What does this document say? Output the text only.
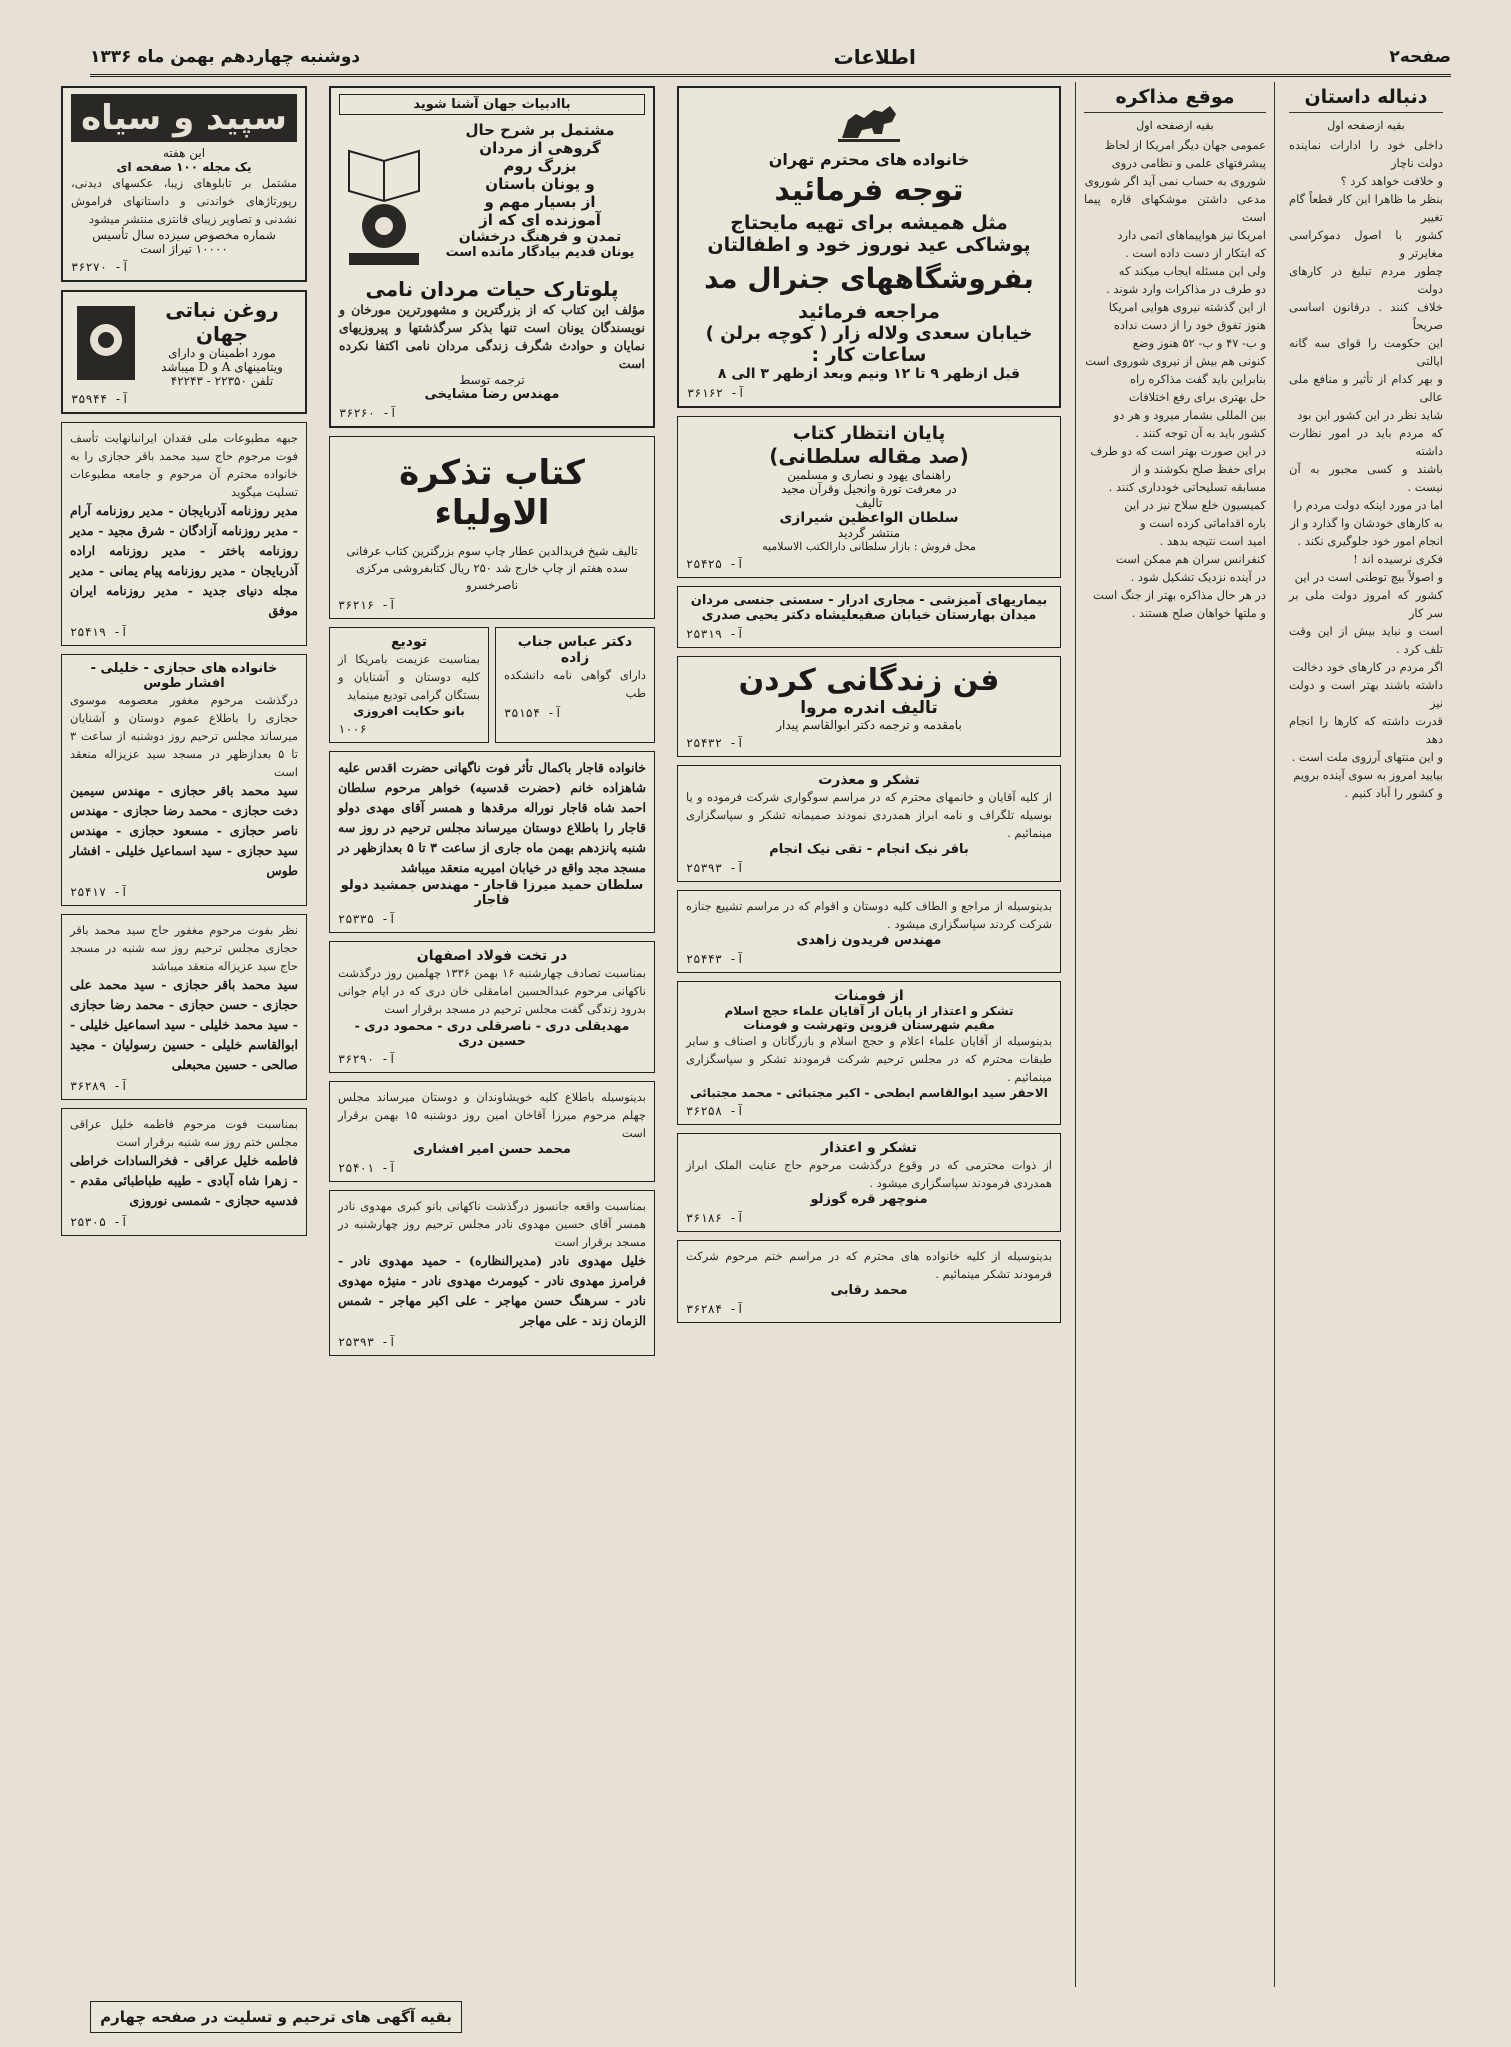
صفحه۲
اطلاعات
دوشنبه چهاردهم بهمن ماه ۱۳۳۶
دنباله داستان
بقیه ازصفحه اول
داخلی خود را ادارات نماینده دولت ناچار
و خلافت خواهد کرد ؟
بنظر ما ظاهرا این کار قطعاً گام تغییر
کشور با اصول دموکراسی مغایرتر و
چطور مردم تبلیغ در کارهای دولت
خلاف کنند . درقانون اساسی صریحاً
این حکومت را قوای سه گانه ایالتی
و بهر کدام از تأثیر و منافع ملی عالی
شاید نظر در این کشور این بود
که مردم باید در امور نظارت داشته
باشند و کسی مجبور به آن نیست .
اما در مورد اینکه دولت مردم را
به کارهای خودشان وا گذارد و از
انجام امور خود جلوگیری نکند .
فکری نرسیده اند !
و اصولاً بیچ توطنی است در این
کشور که امروز دولت ملی بر سر کار
است و نباید بیش از این وقت تلف کرد .
اگر مردم در کارهای خود دخالت
داشته باشند بهتر است و دولت نیز
قدرت داشته که کارها را انجام دهد
و این منتهای آرزوی ملت است .
بیایید امروز به سوی آینده برویم
و کشور را آباد کنیم .
موقع مذاکره
بقیه ازصفحه اول
عمومی جهان دیگر امریکا از لحاظ
پیشرفتهای علمی و نظامی دروی
شوروی به حساب نمی آید اگر شوروی
مدعی داشتن موشکهای قاره پیما است
امریکا نیز هواپیماهای اتمی دارد
که ابتکار از دست داده است .
ولی این مسئله ایجاب میکند که
دو طرف در مذاکرات وارد شوند .
از این گذشته نیروی هوایی امریکا
هنوز تفوق خود را از دست نداده
و ب- ۴۷ و ب- ۵۲ هنوز وضع
کنونی هم بیش از نیروی شوروی است
بنابراین باید گفت مذاکره راه
حل بهتری برای رفع اختلافات
بین المللی بشمار میرود و هر دو
کشور باید به آن توجه کنند .
در این صورت بهتر است که دو طرف
برای حفظ صلح بکوشند و از
مسابقه تسلیحاتی خودداری کنند .
کمیسیون خلع سلاح نیز در این
باره اقداماتی کرده است و
امید است نتیجه بدهد .
کنفرانس سران هم ممکن است
در آینده نزدیک تشکیل شود .
در هر حال مذاکره بهتر از جنگ است
و ملتها خواهان صلح هستند .
خانواده های محترم تهران
توجه فرمائید
مثل همیشه برای تهیه مایحتاج
پوشاکی عید نوروز خود و اطفالتان
بفروشگاههای جنرال مد
مراجعه فرمائید
خیابان سعدی ولاله زار ( کوچه برلن )
ساعات کار :
قبل ازظهر ۹ تا ۱۲ ونیم وبعد ازظهر ۳ الی ۸
آ- ۳۶۱۶۲
پایان انتظار کتاب
(صد مقاله سلطانی)
راهنمای یهود و نصاری و مسلمین
در معرفت تورة وانجیل وقرآن مجید
تالیف
سلطان الواعظین شیرازی
منتشر گردید
محل فروش : بازار سلطانی دارالکتب الاسلامیه
آ- ۲۵۴۲۵
بیماریهای آمیزشی - مجاری ادرار - سستی جنسی مردان
میدان بهارستان خیابان صفیعلیشاه دکتر یحیی صدری
آ- ۲۵۳۱۹
فن زندگانی کردن
تالیف اندره مروا
بامقدمه و ترجمه دکتر ابوالقاسم پیدار
آ- ۲۵۴۳۲
تشکر و معذرت
از کلیه آقایان و خانمهای محترم که در مراسم سوگواری شرکت فرموده و یا بوسیله تلگراف و نامه ابراز همدردی نمودند صمیمانه تشکر و سپاسگزاری مینمائیم .
باقر نیک انجام - تقی نیک انجام
آ- ۲۵۳۹۳
بدینوسیله از مراجع و الطاف کلیه دوستان و اقوام که در مراسم تشییع جنازه شرکت کردند سپاسگزاری میشود .
مهندس فریدون زاهدی
آ- ۲۵۴۴۳
از فومنات
تشکر و اعتذار از پایان از آقایان علماء حجج اسلام
مقیم شهرستان قزوین وتهرشت و فومنات
بدینوسیله از آقایان علماء اعلام و حجج اسلام و بازرگانان و اصناف و سایر طبقات محترم که در مجلس ترحیم شرکت فرمودند تشکر و سپاسگزاری مینمائیم .
الاحقر سید ابوالقاسم ابطحی - اکبر مجتبائی - محمد مجتبائی
آ- ۳۶۲۵۸
تشکر و اعتذار
از ذوات محترمی که در وقوع درگذشت مرحوم حاج عنایت الملک ابراز همدردی فرمودند سپاسگزاری میشود .
منوچهر قره گوزلو
آ- ۳۶۱۸۶
بدینوسیله از کلیه خانواده های محترم که در مراسم ختم مرحوم شرکت فرمودند تشکر مینمائیم .
محمد رقابی
آ- ۳۶۲۸۴
باادبیات جهان آشنا شوید
مشتمل بر شرح حال
گروهی از مردان
بزرگ روم
و یونان باستان
از بسیار مهم و
آموزنده ای که از
تمدن و فرهنگ درخشان
یونان قدیم بیادگار مانده است
پلوتارک حیات مردان نامی
مؤلف این کتاب که از بزرگترین و مشهورترین مورخان و نویسندگان یونان است تنها بذکر سرگذشتها و پیروزیهای نمایان و حوادث شگرف زندگی مردان نامی اکتفا نکرده است
ترجمه توسط
مهندس رضا مشایخی
آ- ۳۶۲۶۰
کتاب تذکرة الاولیاء
تالیف شیخ فریدالدین عطار چاپ سوم بزرگترین کتاب عرفانی سده هفتم از چاپ خارج شد ۲۵۰ ریال کتابفروشی مرکزی ناصرخسرو
آ- ۳۶۲۱۶
دکتر عباس جناب زاده
دارای گواهی نامه دانشکده طب
آ- ۳۵۱۵۴
تودیع
بمناسبت عزیمت بامریکا از کلیه دوستان و آشنایان و بستگان گرامی تودیع مینماید
بانو حکایت افروزی
۱۰۰۶
خانواده قاجار باکمال تأثر فوت ناگهانی حضرت اقدس علیه شاهزاده خانم (حضرت قدسیه) خواهر مرحوم سلطان احمد شاه قاجار نوراله مرقدها و همسر آقای مهدی دولو قاجار را باطلاع دوستان میرساند مجلس ترحیم در روز سه شنبه پانزدهم بهمن ماه جاری از ساعت ۳ تا ۵ بعدازظهر در مسجد مجد واقع در خیابان امیریه منعقد میباشد
سلطان حمید میرزا قاجار - مهندس جمشید دولو قاجار
آ- ۲۵۳۳۵
در تخت فولاد اصفهان
بمناسبت تصادف چهارشنبه ۱۶ بهمن ۱۳۳۶ چهلمین روز درگذشت ناکهانی مرحوم عبدالحسین امامقلی خان دری که در ایام جوانی بدرود زندگی گفت مجلس ترحیم در مسجد برقرار است
مهدیقلی دری - ناصرقلی دری - محمود دری - حسین دری
آ- ۳۶۲۹۰
بدینوسیله باطلاع کلیه خویشاوندان و دوستان میرساند مجلس چهلم مرحوم میرزا آقاخان امین روز دوشنبه ۱۵ بهمن برقرار است
محمد حسن امیر افشاری
آ- ۲۵۴۰۱
بمناسبت واقعه جانسوز درگذشت ناکهانی بانو کبری مهدوی نادر همسر آقای حسین مهدوی نادر مجلس ترحیم روز چهارشنبه در مسجد برقرار است
خلیل مهدوی نادر (مدیرالنظاره) - حمید مهدوی نادر - فرامرز مهدوی نادر - کیومرث مهدوی نادر - منیژه مهدوی نادر - سرهنگ حسن مهاجر - علی اکبر مهاجر - شمس الزمان زند - علی مهاجر
آ- ۲۵۳۹۳
سپید و سیاه
این هفته
یک مجله ۱۰۰ صفحه ای
مشتمل بر تابلوهای زیبا، عکسهای دیدنی، رپورتاژهای خواندنی و داستانهای فراموش نشدنی و تصاویر زیبای فانتزی منتشر میشود
شماره مخصوص سیزده سال تأسیس
۱۰۰۰۰ تیراژ است
آ- ۳۶۲۷۰
روغن نباتی جهان
مورد اطمینان و دارای
ویتامینهای A و D میباشد
تلفن ۲۲۳۵۰ - ۴۲۲۴۳
آ- ۳۵۹۴۴
جبهه مطبوعات ملی فقدان ایرانبانهایت تأسف فوت مرحوم حاج سید محمد باقر حجازی را به خانواده محترم آن مرحوم و جامعه مطبوعات تسلیت میگوید
مدیر روزنامه آذربایجان - مدیر روزنامه آرام - مدیر روزنامه آزادگان - شرق مجید - مدیر روزنامه باختر - مدیر روزنامه اراده آذربایجان - مدیر روزنامه پیام یمانی - مدیر مجله دنیای جدید - مدیر روزنامه ایران موفق
آ- ۲۵۴۱۹
خانواده های حجازی - خلیلی - افشار طوس
درگذشت مرحوم مغفور معصومه موسوی حجازی را باطلاع عموم دوستان و آشنایان میرساند مجلس ترحیم روز دوشنبه از ساعت ۳ تا ۵ بعدازظهر در مسجد سید عزیزاله منعقد است
سید محمد باقر حجازی - مهندس سیمین دخت حجازی - محمد رضا حجازی - مهندس ناصر حجازی - مسعود حجازی - مهندس سید حجازی - سید اسماعیل خلیلی - افشار طوس
آ- ۲۵۴۱۷
نظر بفوت مرحوم مغفور حاج سید محمد باقر حجازی مجلس ترحیم روز سه شنبه در مسجد حاج سید عزیزاله منعقد میباشد
سید محمد باقر حجازی - سید محمد علی حجازی - حسن حجازی - محمد رضا حجازی - سید محمد خلیلی - سید اسماعیل خلیلی - ابوالقاسم خلیلی - حسین رسولیان - مجید صالحی - حسین محبعلی
آ- ۳۶۲۸۹
بمناسبت فوت مرحوم فاطمه خلیل عراقی مجلس ختم روز سه شنبه برقرار است
فاطمه خلیل عراقی - فخرالسادات خراطی - زهرا شاه آبادی - طیبه طباطبائی مقدم - فدسیه حجازی - شمسی نوروزی
آ- ۲۵۳۰۵
بقیه آگهی های ترحیم و تسلیت در صفحه چهارم
